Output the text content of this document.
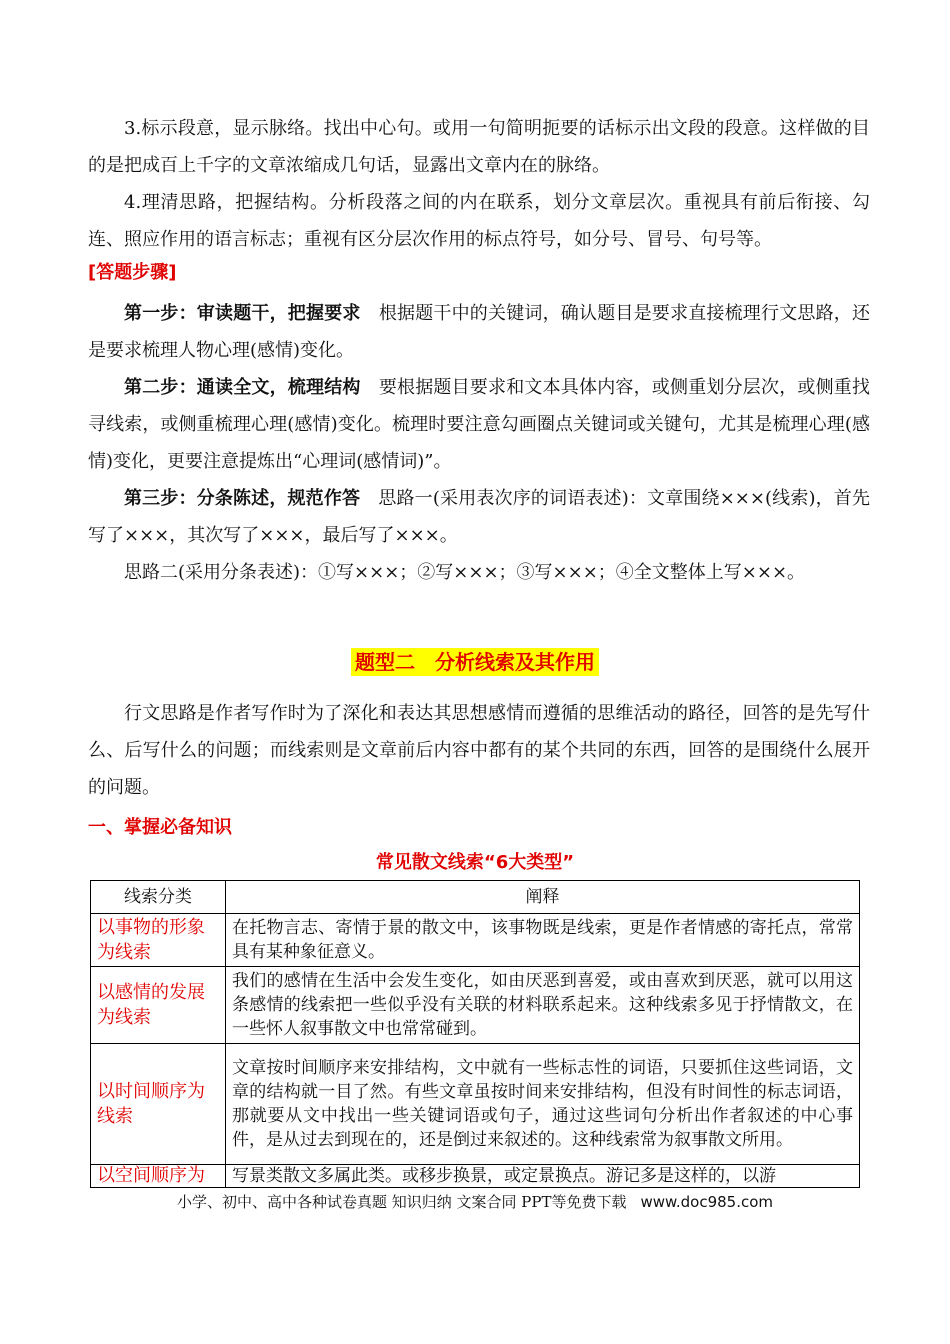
3.标示段意，显示脉络。找出中心句。或用一句简明扼要的话标示出文段的段意。这样做的目的是把成百上千字的文章浓缩成几句话，显露出文章内在的脉络。

4.理清思路，把握结构。分析段落之间的内在联系，划分文章层次。重视具有前后衔接、勾连、照应作用的语言标志；重视有区分层次作用的标点符号，如分号、冒号、句号等。

[答题步骤]

第一步：审读题干，把握要求　 根据题干中的关键词，确认题目是要求直接梳理行文思路，还是要求梳理人物心理(感情)变化。

第二步：通读全文，梳理结构　 要根据题目要求和文本具体内容，或侧重划分层次，或侧重找寻线索，或侧重梳理心理(感情)变化。梳理时要注意勾画圈点关键词或关键句，尤其是梳理心理(感情)变化，更要注意提炼出“心理词(感情词)”。

第三步：分条陈述，规范作答　 思路一(采用表次序的词语表述)：文章围绕×××(线索)，首先写了×××，其次写了×××，最后写了×××。

思路二(采用分条表述)：①写×××；②写×××；③写×××；④全文整体上写×××。

题型二　分析线索及其作用

行文思路是作者写作时为了深化和表达其思想感情而遵循的思维活动的路径，回答的是先写什么、后写什么的问题；而线索则是文章前后内容中都有的某个共同的东西，回答的是围绕什么展开的问题。

一、掌握必备知识
常见散文线索“6大类型”
线索分类	阐释
以事物的形象为线索	在托物言志、寄情于景的散文中，该事物既是线索，更是作者情感的寄托点，常常具有某种象征意义。
以感情的发展为线索	我们的感情在生活中会发生变化，如由厌恶到喜爱，或由喜欢到厌恶，就可以用这条感情的线索把一些似乎没有关联的材料联系起来。这种线索多见于抒情散文，在一些怀人叙事散文中也常常碰到。
以时间顺序为线索	文章按时间顺序来安排结构，文中就有一些标志性的词语，只要抓住这些词语，文章的结构就一目了然。有些文章虽按时间来安排结构，但没有时间性的标志词语，那就要从文中找出一些关键词语或句子，通过这些词句分析出作者叙述的中心事件，是从过去到现在的，还是倒过来叙述的。这种线索常为叙事散文所用。
以空间顺序为	写景类散文多属此类。或移步换景，或定景换点。游记多是这样的，以游
小学、初中、高中各种试卷真题 知识归纳 文案合同 PPT等免费下载 www.doc985.com
